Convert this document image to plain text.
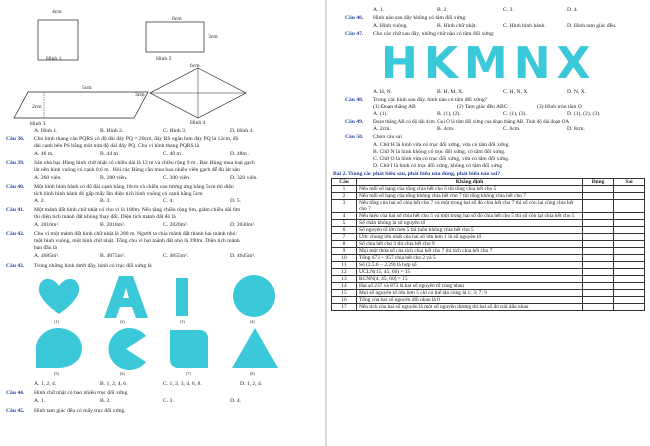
4cm
Hình 1
6cm
3cm
Hình 2
5cm
3cm
2cm
Hình 3
6cm
Hình 4
A. Hình 1.	B. Hình 2..	C. Hình 3.	D. Hình 4.
Câu 36. Cho hình thang cân PQRS có độ dài đáy PQ = 20cm, đáy RS ngắn hơn đáy PQ là 12cm, độ
dài cạnh bên PS bằng một nửa độ dài đáy PQ. Chu vi hình thang PQRS là
A. 46 m.	B. 44 m .	C. 40 m .	D. 48m .
Câu 39. Sân nhà bạc Hùng hình chữ nhật có chiều dài là 12 m và chiều rộng 9 m . Bác Hùng mua loại gạch
lát nền hình vuông có cạnh 0,6 m . Hỏi các Hùng cần mua bao nhiêu viên gạch để đủ lát sân
A. 260 viên.	B. 280 viên.	C. 300 viên.	D. 320 viên.
Câu 40. Một hình bình hành có độ dài cạnh bằng 10cm và chiều cao tương ứng bằng 5cm thì diện
tích hình bình hành đó gấp mấy lần diện tích hình vuông có cạnh bằng 5cm
A. 2.	B. 3.	C. 4.	D. 5.
Câu 41. Một mảnh đất hình chữ nhật có chu vi là 180m. Nếu tăng chiều rộng 6m, giảm chiều dài 6m
thì diện tích mảnh đất không thay đổi. Diện tích mảnh đất đó là
A. 2016m².	B. 2018m².	C. 2020m².	D. 2030m².
Câu 42. Chu vi một mảnh đất hình chữ nhật là 280 m. Người ta chia mảnh đất thành hai mảnh nhỏ:
một hình vuông, một hình chữ nhật. Tổng chu vi hai mảnh đất nhỏ là 390m. Diện tích mảnh
ban đầu là
A. 4685m².	B. 4675m².	C. 4655m².	D. 4645m².
Câu 43. Trong những hình dưới đây, hình có trục đối xứng là
(1)	(2)	(3)	(4)
(5)	(6)	(7)	(8)
A. 1, 2, 4.	B. 1, 2, 4, 6.	C. 1, 2, 3, 4, 6, 8.	D. 1, 2, 4.
Câu 44. Hình chữ nhật có bao nhiêu trục đối xứng
A. 1.	B. 2.	C. 3.	D. 4.
Câu 45. Hình tam giác đều có mấy trục đối xứng.
A. 1.	B. 2.	C. 3.	D. 4.
Câu 46. Hình nào sau đây không có tâm đối xứng:
A. Hình vuông.	B. Hình chữ nhật.	C. Hình bình hành.	D. Hình tam giác đều.
Câu 47. Cho các chữ sau đây, những chữ nào có tâm đối xứng:
HKMNX
A. H, N.	B. H, M, X.	C. H, N, X.	D. N, X.
Câu 48. Trong các hình sau đây, hình nào có tâm đối xứng?
(1) Đoạn thẳng AB	(2) Tam giác đều ABC	(3) Hình tròn tâm O
A. (1).	B. (1), (2).	C. (1), (3).	D. (1), (2), (3).
Câu 49. Đoạn thẳng AB có độ dài 4cm. Gọi O là tâm đối xứng của đoạn thẳng AB. Tính độ dài đoạn OA
A. 2cm.	B. 4cm.	C. 6cm.	D. 8cm.
Câu 50. Chọn câu sai
A. Chữ H là hình vừa có trục đối xứng, vừa có tâm đối xứng.
B. Chữ N là hình không có trục đối xứng, có tâm đối xứng.
C. Chữ O là hình vừa có trục đối xứng, vừa có tâm đối xứng.
D. Chữ I là hình có trục đối xứng, không có tâm đối xứng
Bài 2. Trong các phát biểu sau, phát biểu nào đúng, phát biểu nào sai?
Câu	Khẳng định	Đúng	Sai
1	Nếu mỗi số hạng của tổng chia hết cho 5 thì tổng chia hết cho 5		
2	Nếu mỗi số hạng của tổng không chia hết cho 7 thì tổng không chia hết cho 7		
3	Nếu tổng của hai số chia hết cho 7 và một trong hai số đó chia hết cho 7 thì số còn lại cũng chia hết cho 7		
4	Nếu hiệu của hai số chia hết cho 5 và một trong hai số đó chia hết cho 5 thì số còn lại chia hết cho 5		
5	Số chẵn không là số nguyên tố		
6	Số nguyên tố lớn hơn 5 thì luôn không chia hết cho 5		
7	Ước chung lớn nhất của hai số lớn hơn 1 là số nguyên tố		
8	Số chia hết cho 3 thì chia hết cho 9		
9	Mọi một thừa số của tích chia hết cho 7 thì tích chia hết cho 7		
10	Tổng 673 + 957 chia hết cho 2 và 5		
11	Số (2.5.6 − 2.29) là hợp số		
12	ƯCLN(15, 45, 60) = 15		
13	BCNN(4, 45, 60) = 15		
14	Hai số 237 và 873 là hai số nguyên tố cùng nhau		
15	Mọi số nguyên tố lớn hơn 5 chỉ có thể tận cùng là 1; 3; 7; 9		
16	Tổng của hai số nguyên đối nhau là 0		
17	Nếu tích của hai số nguyên là một số nguyên dương thì hai số đó trái dấu nhau		
